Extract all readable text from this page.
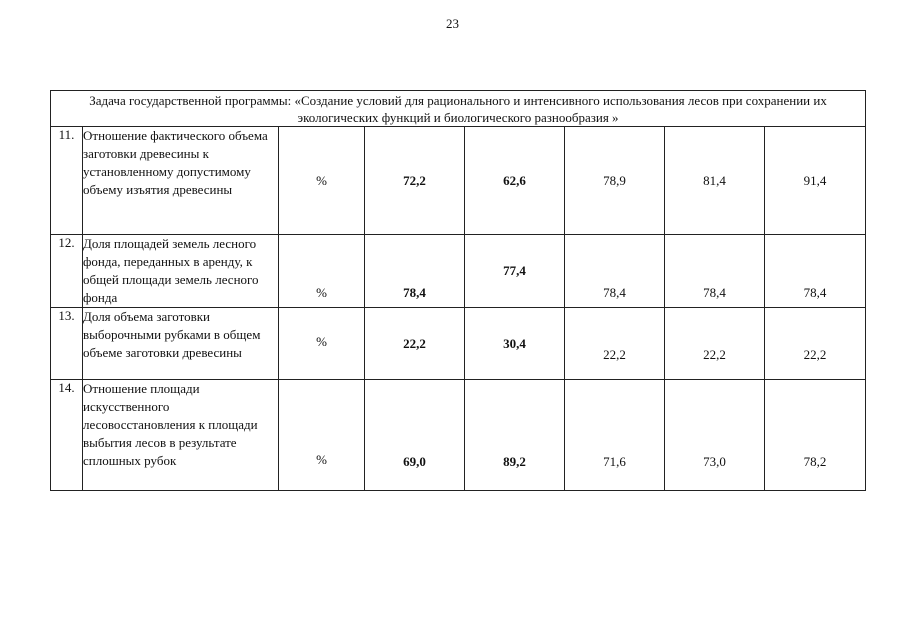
23
Задача государственной программы: «Создание условий для рационального и интенсивного использования лесов при сохранении их экологических функций и биологического разнообразия »							
11.	Отношение фактического объема заготовки древесины к установленному допустимому объему изъятия древесины	%	72,2	62,6	78,9	81,4	91,4
12.	Доля площадей земель лесного фонда, переданных в аренду, к общей площади земель лесного фонда	%	78,4	77,4	78,4	78,4	78,4
13.	Доля объема заготовки выборочными рубками в общем объеме заготовки древесины	%	22,2	30,4	22,2	22,2	22,2
14.	Отношение площади искусственного лесовосстановления к площади выбытия лесов в результате сплошных рубок	%	69,0	89,2	71,6	73,0	78,2
